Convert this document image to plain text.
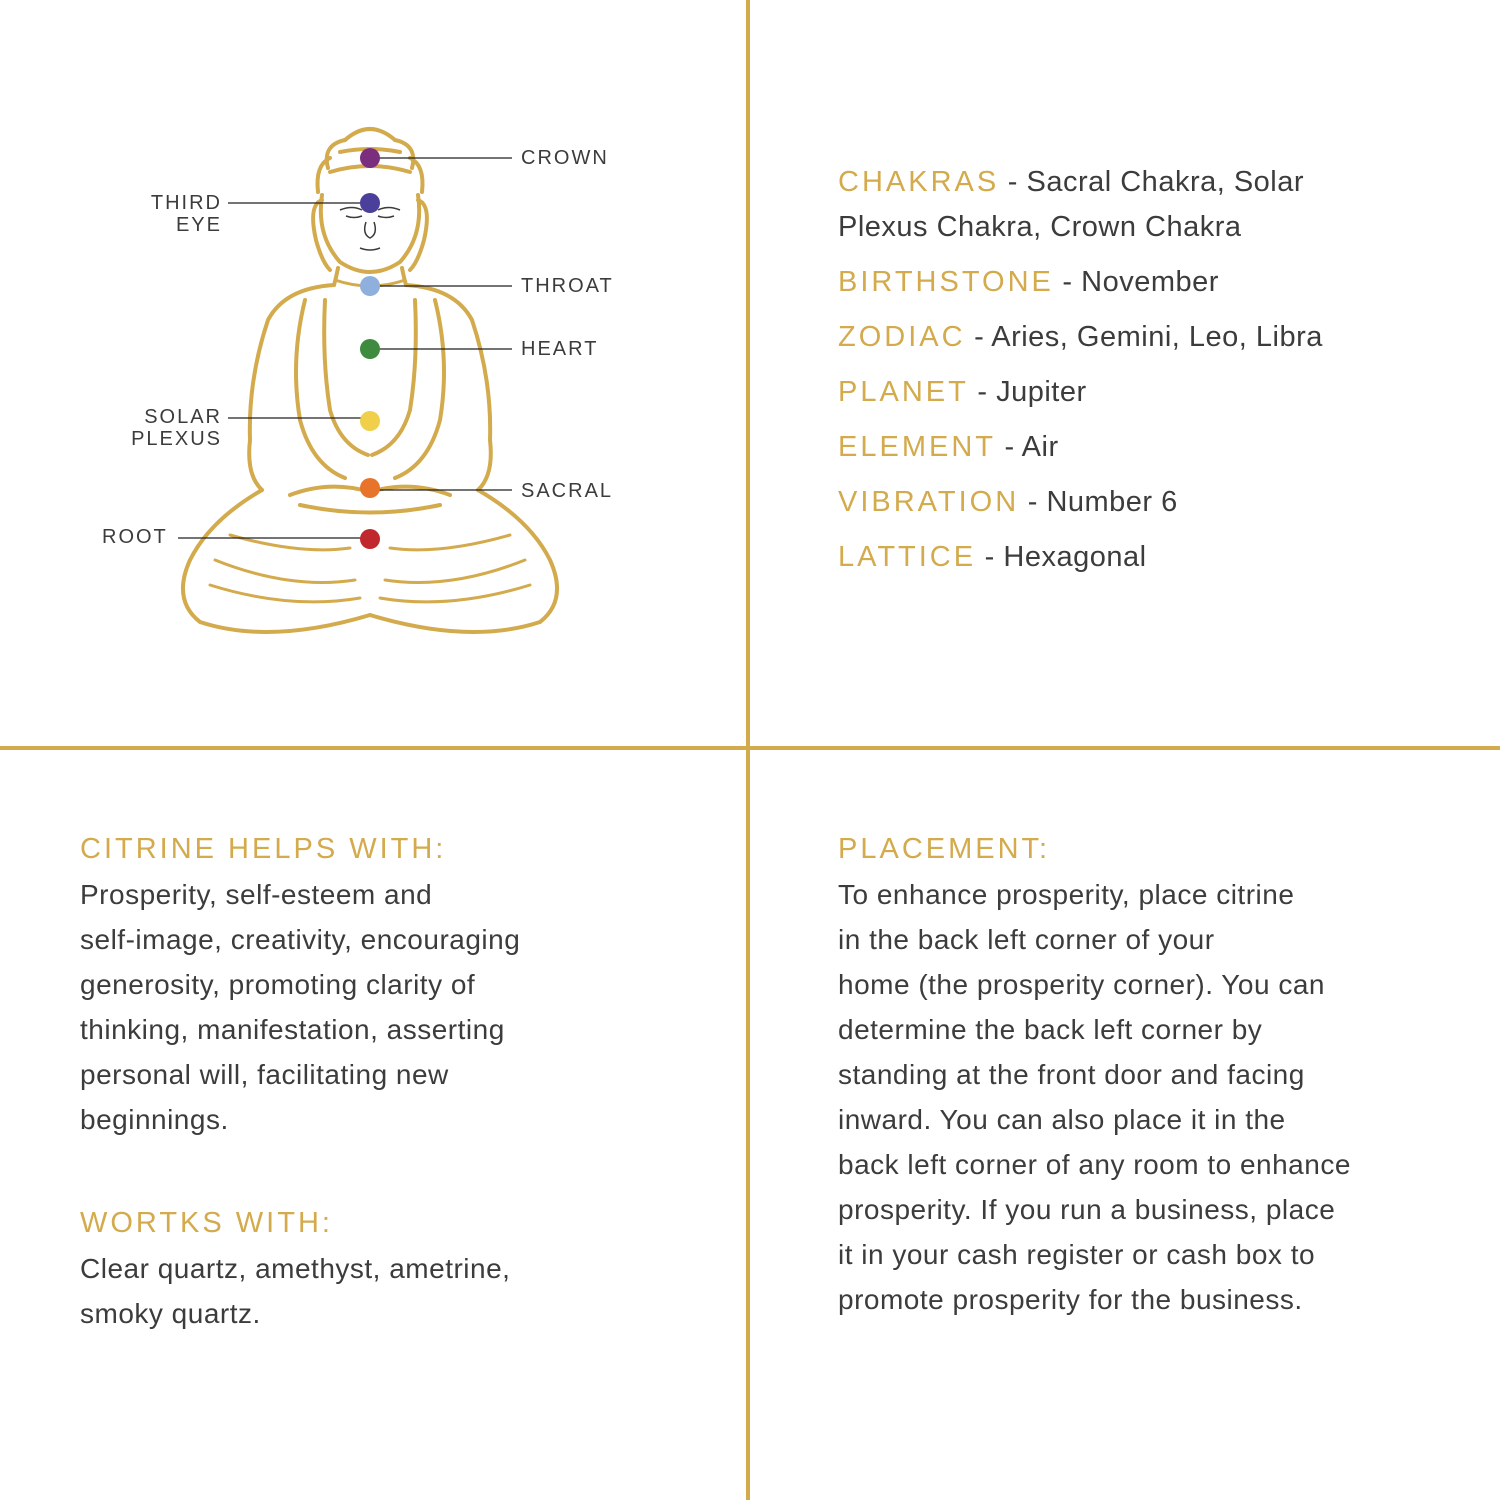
CROWN
THIRD
EYE
THROAT
HEART
SOLAR
PLEXUS
SACRAL
ROOT
CHAKRAS - Sacral Chakra, Solar
Plexus Chakra, Crown Chakra
BIRTHSTONE - November
ZODIAC - Aries, Gemini, Leo, Libra
PLANET - Jupiter
ELEMENT - Air
VIBRATION - Number 6
LATTICE - Hexagonal
CITRINE HELPS WITH:
Prosperity, self-esteem and
self-image, creativity, encouraging
generosity, promoting clarity of
thinking, manifestation, asserting
personal will, facilitating new
beginnings.
WORTKS WITH:
Clear quartz, amethyst, ametrine,
smoky quartz.
PLACEMENT:
To enhance prosperity, place citrine
in the back left corner of your
home (the prosperity corner). You can
determine the back left corner by
standing at the front door and facing
inward. You can also place it in the
back left corner of any room to enhance
prosperity. If you run a business, place
it in your cash register or cash box to
promote prosperity for the business.
